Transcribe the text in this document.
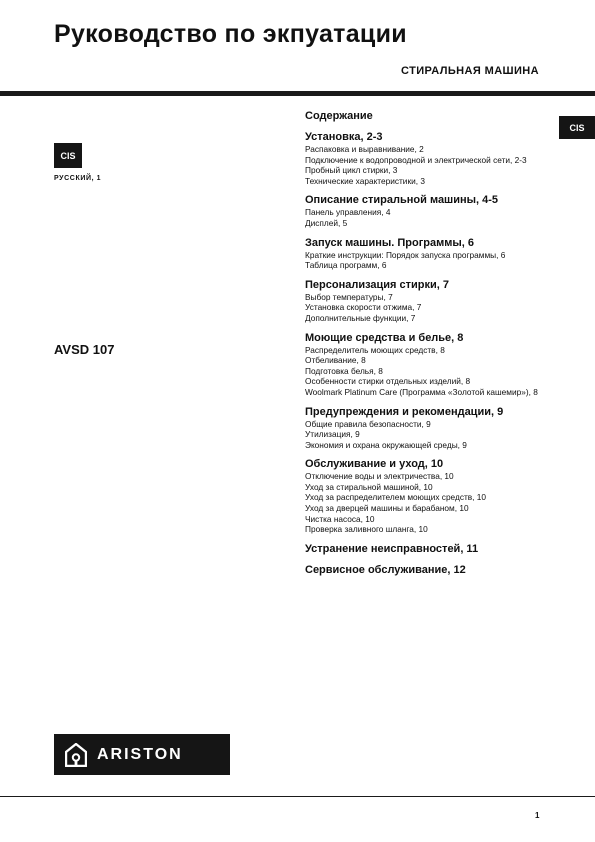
Руководство по экпуатации
СТИРАЛЬНАЯ МАШИНА
CIS
РУССКИЙ, 1
AVSD 107
CIS
Содержание
Установка, 2-3
Распаковка и выравнивание, 2
Подключение к водопроводной и электрической сети, 2-3
Пробный цикл стирки, 3
Технические характеристики, 3
Описание стиральной машины, 4-5
Панель управления, 4
Дисплей, 5
Запуск машины. Программы, 6
Краткие инструкции: Порядок запуска программы, 6
Таблица программ, 6
Персонализация стирки, 7
Выбор температуры, 7
Установка скорости отжима, 7
Дополнительные функции, 7
Моющие средства и белье, 8
Распределитель моющих средств, 8
Отбеливание, 8
Подготовка белья, 8
Особенности стирки отдельных изделий, 8
Woolmark Platinum Care (Программа «Золотой кашемир»), 8
Предупреждения и рекомендации, 9
Общие правила безопасности, 9
Утилизация, 9
Экономия и охрана окружающей среды, 9
Обслуживание и уход, 10
Отключение воды и электричества, 10
Уход за стиральной машиной, 10
Уход за распределителем моющих средств, 10
Уход за дверцей машины и барабаном, 10
Чистка насоса, 10
Проверка заливного шланга, 10
Устранение неисправностей, 11
Сервисное обслуживание, 12
ARISTON
1
